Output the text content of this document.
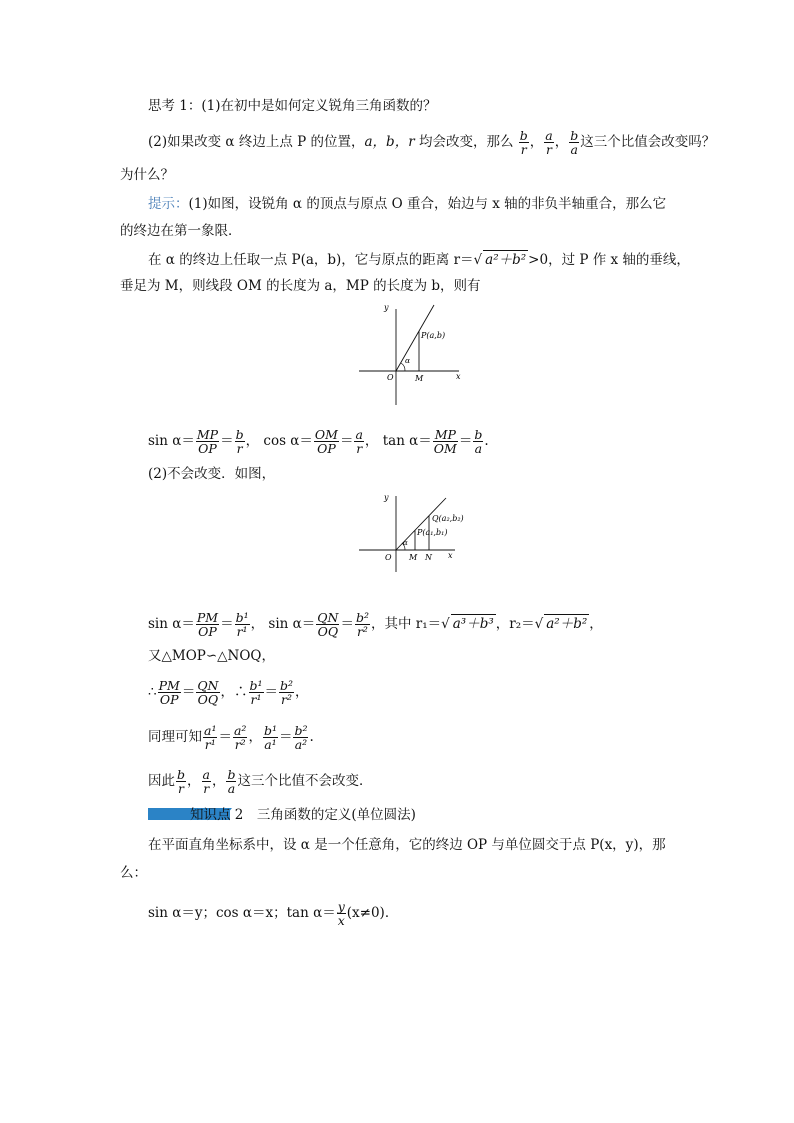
思考 1：(1)在初中是如何定义锐角三角函数的？
(2)如果改变 α 终边上点 P 的位置，a，b，r 均会改变，那么 $\frac{b}{r}$ ， $\frac{a}{r}$ ， $\frac{b}{a}$ 这三个比值会改变吗？
为什么？
提示：(1)如图，设锐角 α 的顶点与原点 O 重合，始边与 x 轴的非负半轴重合，那么它
的终边在第一象限．
在 α 的终边上任取一点 P(a，b)，它与原点的距离 r＝√ a²＋b² >0，过 P 作 x 轴的垂线，
垂足为 M，则线段 OM 的长度为 a，MP 的长度为 b，则有
y
x
O	M
α
P(a,b)
$\sin \alpha= \frac{MP}{OP} = \frac{b}{r}$ ， $\cos \alpha= \frac{OM}{OP} = \frac{a}{r}$ ， $\tan \alpha= \frac{MP}{OM} = \frac{b}{a}$ .
(2)不会改变．如图，
y
x
O M N
α
P(a₁,b₁)
Q(a₂,b₂)
$\sin \alpha= \frac{PM}{OP} = \frac{\text{b¹}}{\text{r¹}}$ ， $\sin \alpha= \frac{QN}{OQ} = \frac{\text{b²}}{\text{r²}}$ ，其中 r₁＝√ a³＋b³ ，r₂＝√ a²＋b² ，
又△MOP∽△NOQ，
∴ $\frac{PM}{OP} = \frac{QN}{OQ}$ ，∴ $\frac{\text{b¹}}{\text{r¹}} = \frac{\text{b²}}{\text{r²}}$ ，
同理可知 $\frac{\text{a¹}}{\text{r¹}} = \frac{\text{a²}}{\text{r²}}$ ， $\frac{\text{b¹}}{\text{a¹}} = \frac{\text{b²}}{\text{a²}}$ .
因此 $\frac{b}{r}$ ， $\frac{a}{r}$ ， $\frac{b}{a}$ 这三个比值不会改变．
知识点 2　三角函数的定义(单位圆法)
在平面直角坐标系中，设 α 是一个任意角，它的终边 OP 与单位圆交于点 P(x，y)，那
么：
sin α＝y；cos α＝x；$\tan \alpha= \frac{y}{x} (x\ne 0)$．
